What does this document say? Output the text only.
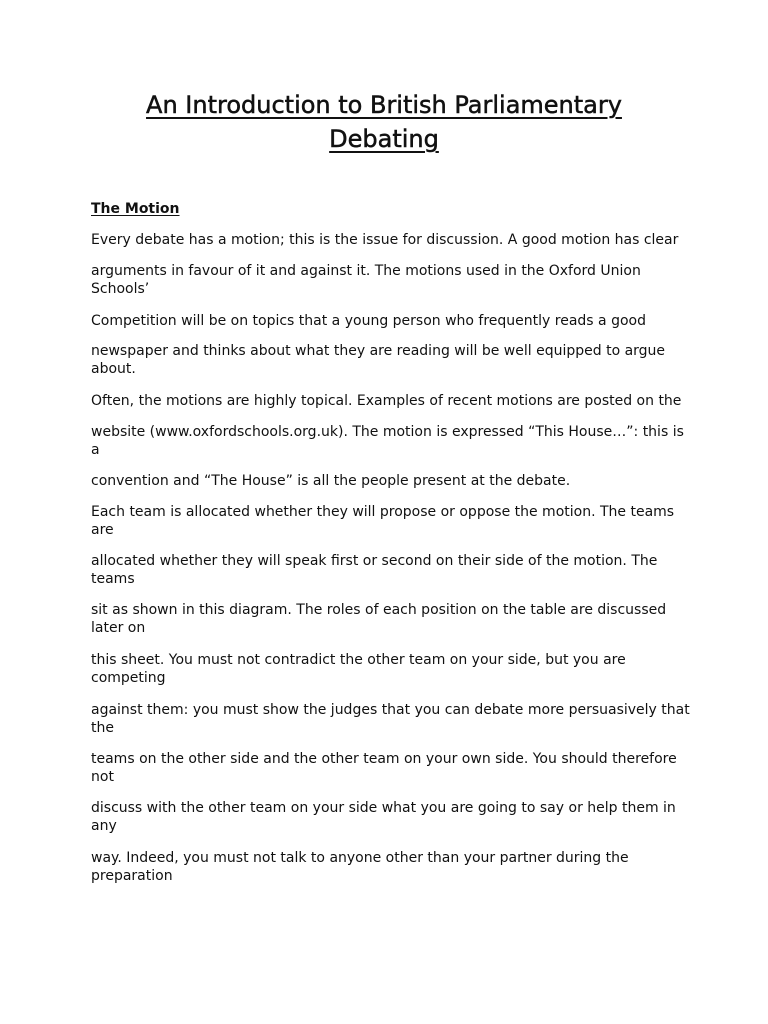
An Introduction to British Parliamentary
Debating
The Motion

Every debate has a motion; this is the issue for discussion. A good motion has clear

arguments in favour of it and against it. The motions used in the Oxford Union Schools’

Competition will be on topics that a young person who frequently reads a good

newspaper and thinks about what they are reading will be well equipped to argue about.

Often, the motions are highly topical. Examples of recent motions are posted on the

website (www.oxfordschools.org.uk). The motion is expressed “This House…”: this is a

convention and “The House” is all the people present at the debate.

Each team is allocated whether they will propose or oppose the motion. The teams are

allocated whether they will speak first or second on their side of the motion. The teams

sit as shown in this diagram. The roles of each position on the table are discussed later on

this sheet. You must not contradict the other team on your side, but you are competing

against them: you must show the judges that you can debate more persuasively that the

teams on the other side and the other team on your own side. You should therefore not

discuss with the other team on your side what you are going to say or help them in any

way. Indeed, you must not talk to anyone other than your partner during the preparation
